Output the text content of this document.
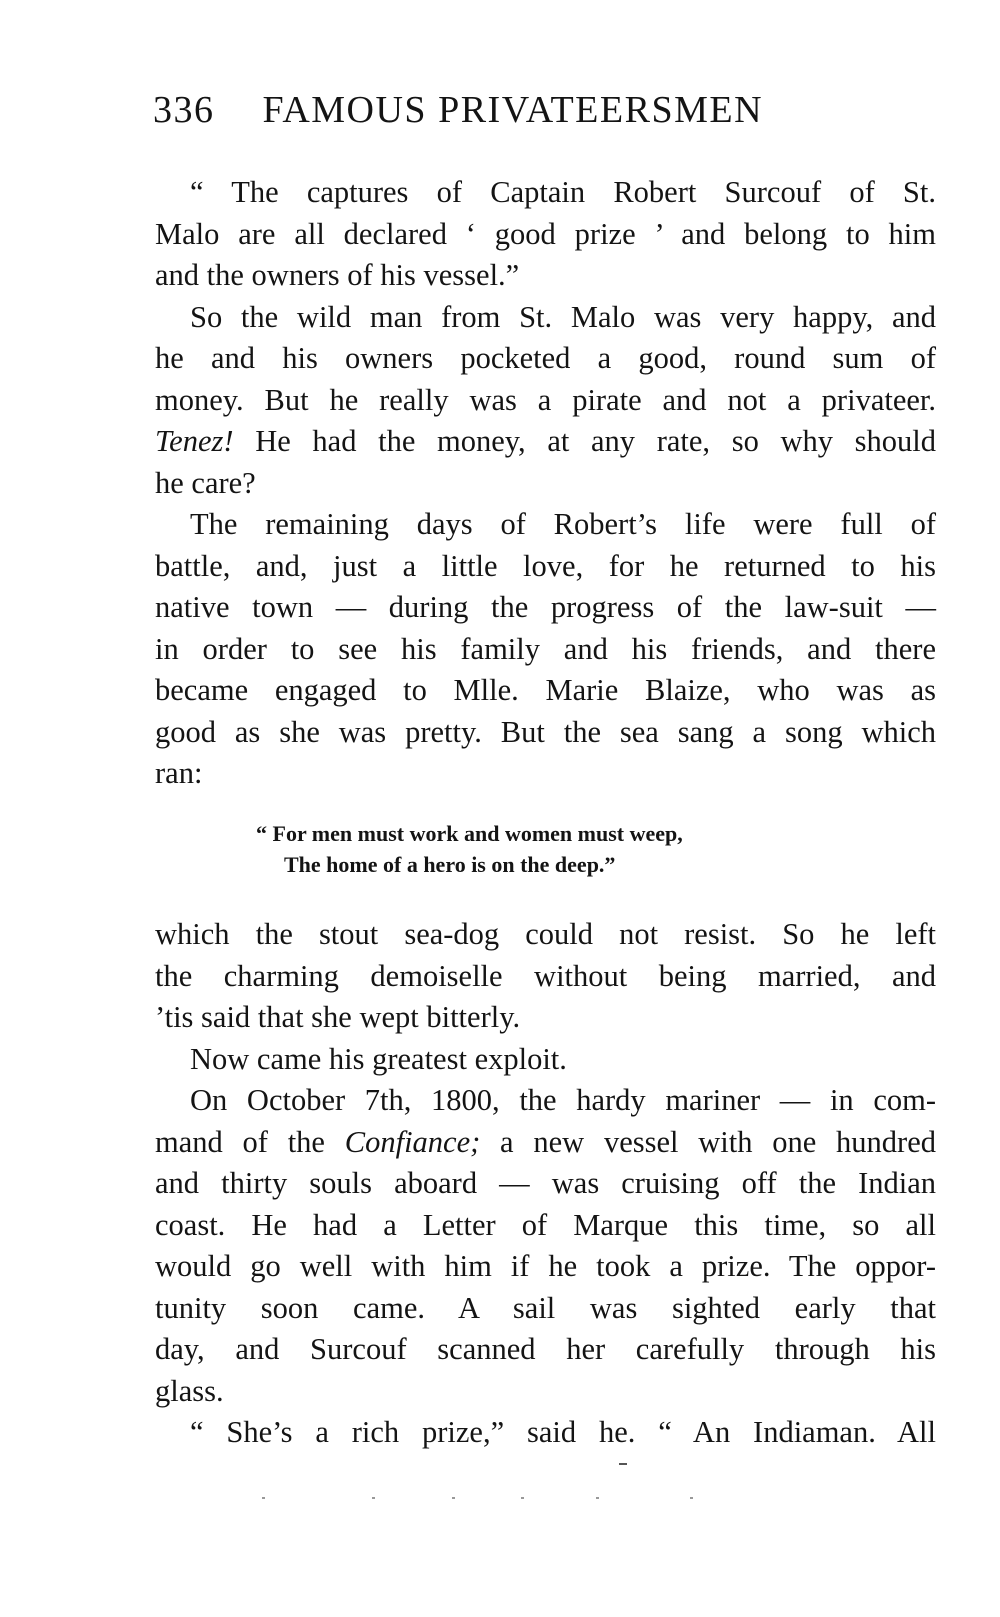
336 FAMOUS PRIVATEERSMEN
“ The captures of Captain Robert Surcouf of St.
Malo are all declared ‘ good prize ’ and belong to him
and the owners of his vessel.”
So the wild man from St. Malo was very happy, and
he and his owners pocketed a good, round sum of
money. But he really was a pirate and not a privateer.
Tenez! He had the money, at any rate, so why should
he care?
The remaining days of Robert’s life were full of
battle, and, just a little love, for he returned to his
native town — during the progress of the law-suit —
in order to see his family and his friends, and there
became engaged to Mlle. Marie Blaize, who was as
good as she was pretty. But the sea sang a song which
ran:
“ For men must work and women must weep,
The home of a hero is on the deep.”
which the stout sea-dog could not resist. So he left
the charming demoiselle without being married, and
’tis said that she wept bitterly.
Now came his greatest exploit.
On October 7th, 1800, the hardy mariner — in com-
mand of the Confiance; a new vessel with one hundred
and thirty souls aboard — was cruising off the Indian
coast. He had a Letter of Marque this time, so all
would go well with him if he took a prize. The oppor-
tunity soon came. A sail was sighted early that
day, and Surcouf scanned her carefully through his
glass.
“ She’s a rich prize,” said he. “ An Indiaman. All
